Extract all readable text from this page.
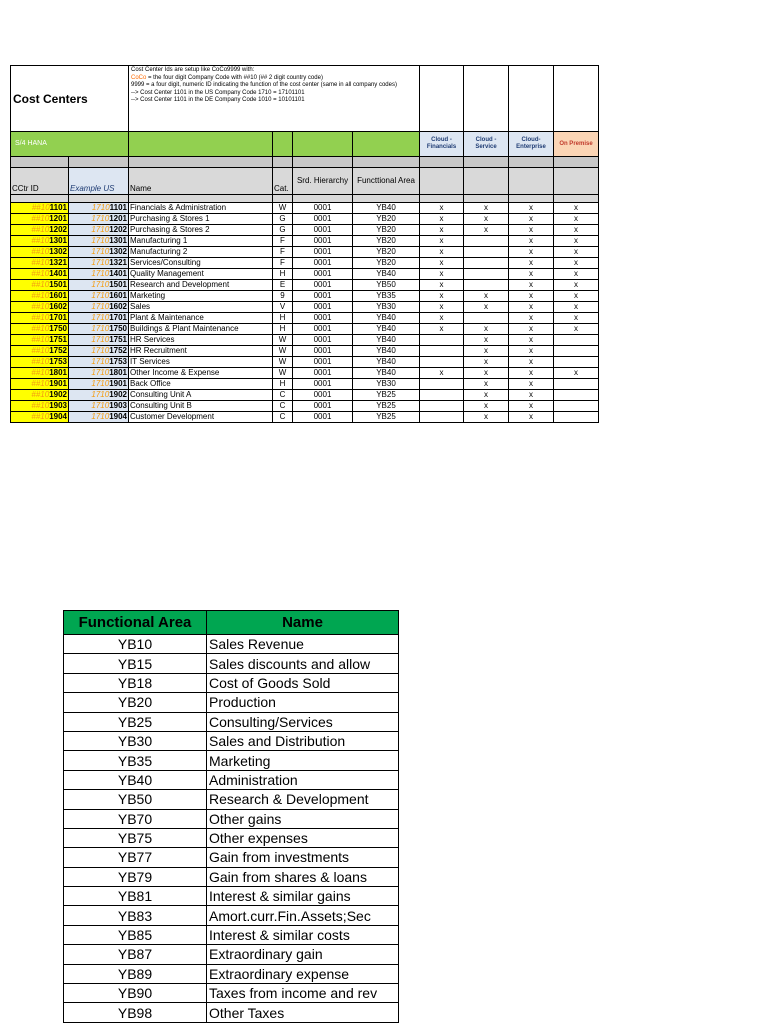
Cost Centers		Cost Center Ids are setup like CoCo9999 with:
CoCo = the four digit Company Code with ##10 (## 2 digit country code)
9999 = a four digit, numeric ID indicating the function of the cost center (same in all company codes)
--> Cost Center 1101 in the US Company Code 1710 = 17101101
--> Cost Center 1101 in the DE Company Code 1010 = 10101101							

S/4 HANA						Cloud - Financials	Cloud - Service	Cloud- Enterprise	On Premise

CCtr ID	Example US	Name	Cat.	Srd. Hierarchy	Functtional Area				

##101101	17101101	Financials & Administration	W	0001	YB40	x	x	x	x
##101201	17101201	Purchasing & Stores 1	G	0001	YB20	x	x	x	x
##101202	17101202	Purchasing & Stores 2	G	0001	YB20	x	x	x	x
##101301	17101301	Manufacturing 1	F	0001	YB20	x		x	x
##101302	17101302	Manufacturing 2	F	0001	YB20	x		x	x
##101321	17101321	Services/Consulting	F	0001	YB20	x		x	x
##101401	17101401	Quality Management	H	0001	YB40	x		x	x
##101501	17101501	Research and Development	E	0001	YB50	x		x	x
##101601	17101601	Marketing	9	0001	YB35	x	x	x	x
##101602	17101602	Sales	V	0001	YB30	x	x	x	x
##101701	17101701	Plant & Maintenance	H	0001	YB40	x		x	x
##101750	17101750	Buildings & Plant Maintenance	H	0001	YB40	x	x	x	x
##101751	17101751	HR Services	W	0001	YB40		x	x	
##101752	17101752	HR Recruitment	W	0001	YB40		x	x	
##101753	17101753	IT Services	W	0001	YB40		x	x	
##101801	17101801	Other Income & Expense	W	0001	YB40	x	x	x	x
##101901	17101901	Back Office	H	0001	YB30		x	x	
##101902	17101902	Consulting Unit A	C	0001	YB25		x	x	
##101903	17101903	Consulting Unit B	C	0001	YB25		x	x	
##101904	17101904	Customer Development	C	0001	YB25		x	x	
Functional Area	Name
YB10	Sales Revenue
YB15	Sales discounts and allow
YB18	Cost of Goods Sold
YB20	Production
YB25	Consulting/Services
YB30	Sales and Distribution
YB35	Marketing
YB40	Administration
YB50	Research & Development
YB70	Other gains
YB75	Other expenses
YB77	Gain from investments
YB79	Gain from shares & loans
YB81	Interest & similar gains
YB83	Amort.curr.Fin.Assets;Sec
YB85	Interest & similar costs
YB87	Extraordinary gain
YB89	Extraordinary expense
YB90	Taxes from income and rev
YB98	Other Taxes
